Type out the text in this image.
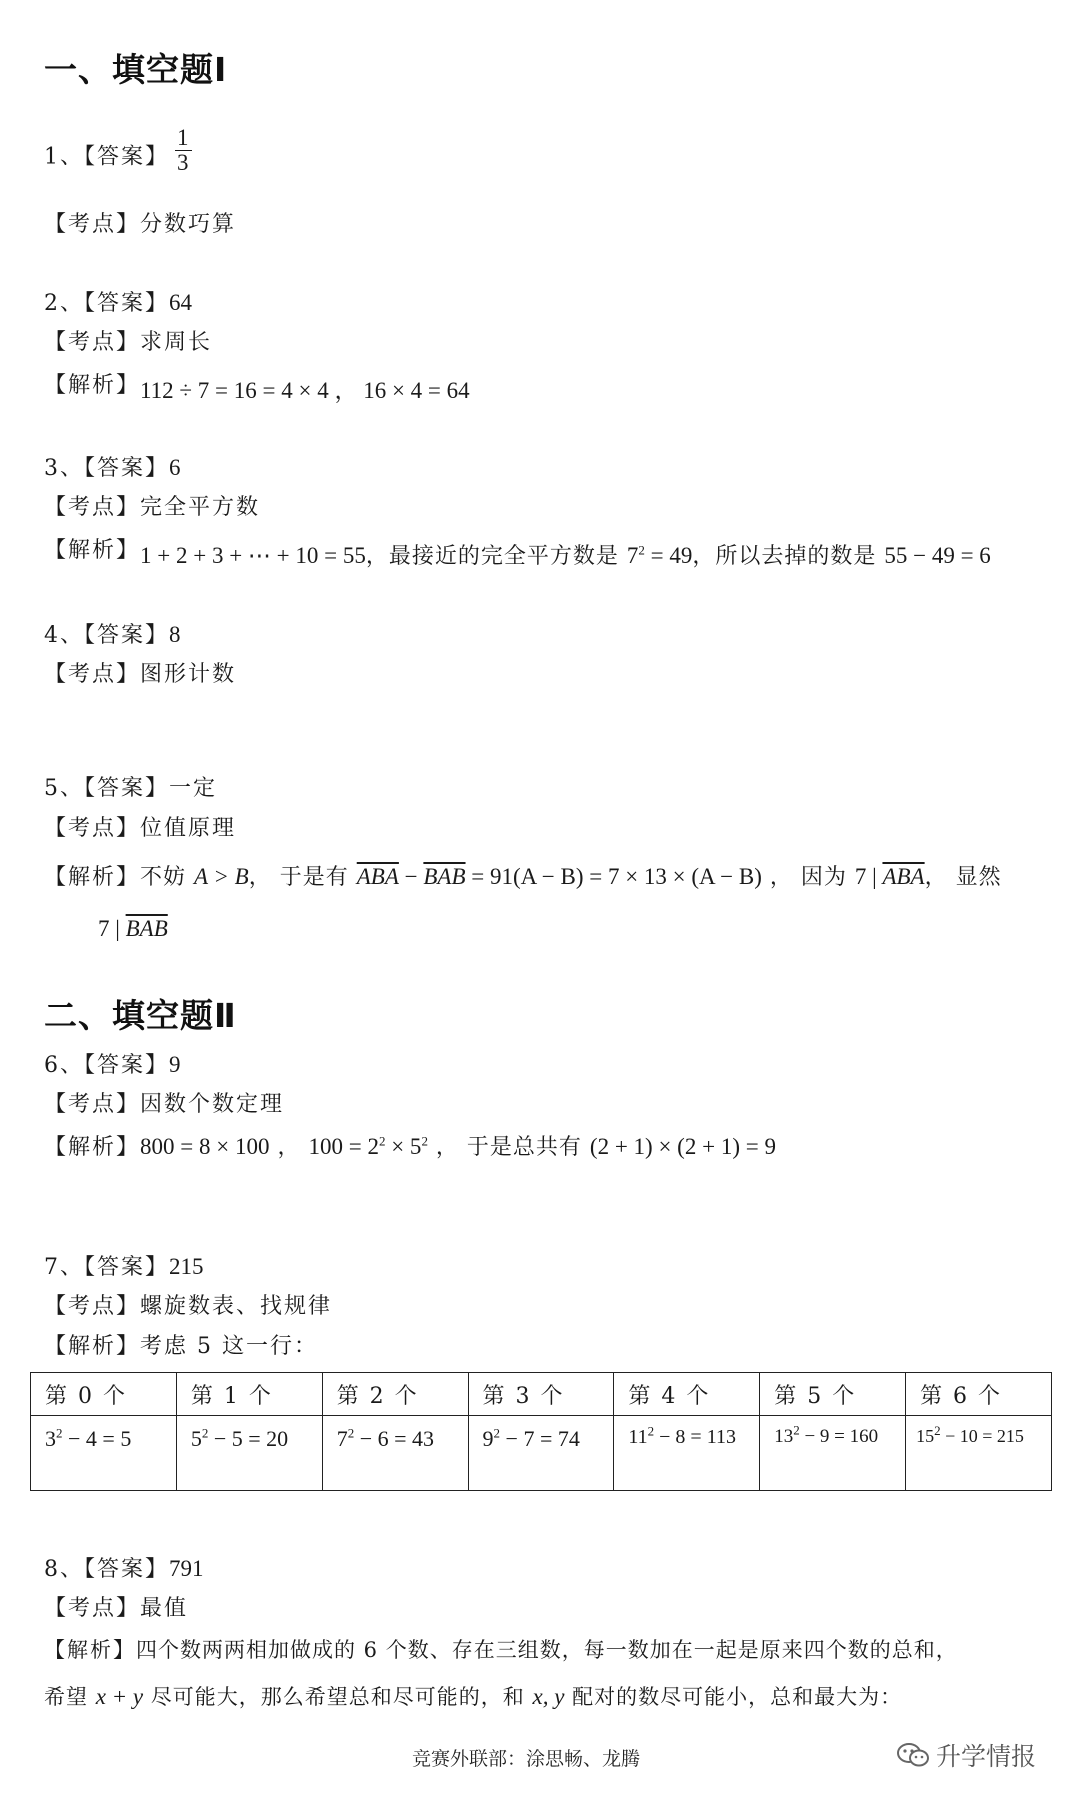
一、填空题Ⅰ
1、【答案】 $\frac{1}{3}$
【考点】分数巧算
2、【答案】64
【考点】求周长
【解析】112 ÷ 7 = 16 = 4 × 4 ， 16 × 4 = 64
3、【答案】6
【考点】完全平方数
【解析】1 + 2 + 3 + ⋯ + 10 = 55，最接近的完全平方数是 $7^2 = 49$，所以去掉的数是 55 − 49 = 6
4、【答案】8
【考点】图形计数
5、【答案】一定
【考点】位值原理
【解析】不妨 A > B， 于是有 $\overline{ABA} - \overline{BAB} = 91(A - B) = 7 \times 13 \times (A - B)$ ， 因为 7 | $\overline{ABA}$， 显然
7 | $\overline{BAB}$
二、填空题Ⅱ
6、【答案】9
【考点】因数个数定理
【解析】800 = 8 × 100 ， $100 = 2^2 \times 5^2$ ， 于是总共有 (2 + 1) × (2 + 1) = 9
7、【答案】215
【考点】螺旋数表、找规律
【解析】考虑 5 这一行：
第 0 个	第 1 个	第 2 个	第 3 个	第 4 个	第 5 个	第 6 个
$3^2 - 4 = 5$	$5^2 - 5 = 20$	$7^2 - 6 = 43$	$9^2 - 7 = 74$	$11^2 - 8 = 113$	$13^2 - 9 = 160$	$15^2 - 10 = 215$
8、【答案】791
【考点】最值
【解析】四个数两两相加做成的 6 个数、存在三组数，每一数加在一起是原来四个数的总和，
希望 x + y 尽可能大，那么希望总和尽可能的，和 x, y 配对的数尽可能小，总和最大为：
竞赛外联部：涂思畅、龙腾	升学情报
